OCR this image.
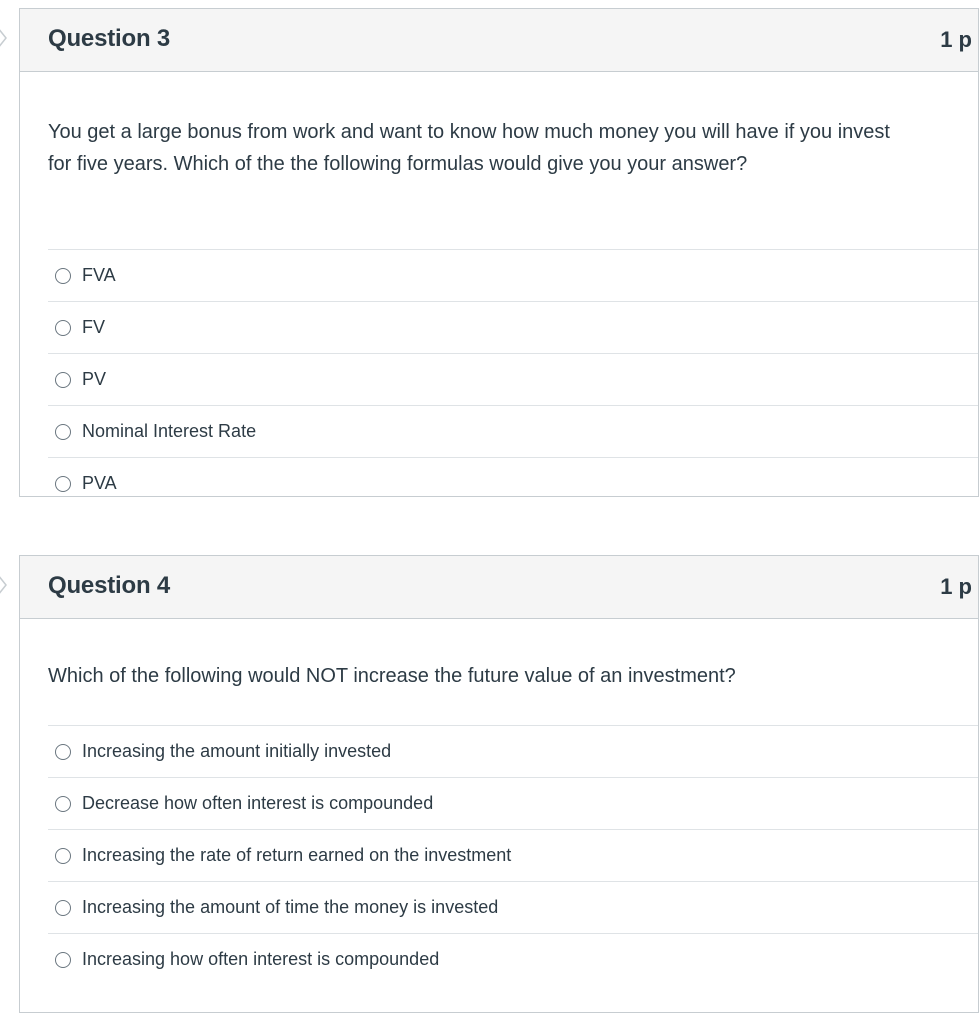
Question 3	1 p

You get a large bonus from work and want to know how much money you will have if you invest
for five years. Which of the the following formulas would give you your answer?

FVA
FV
PV
Nominal Interest Rate
PVA
Question 4	1 p

Which of the following would NOT increase the future value of an investment?

Increasing the amount initially invested
Decrease how often interest is compounded
Increasing the rate of return earned on the investment
Increasing the amount of time the money is invested
Increasing how often interest is compounded
